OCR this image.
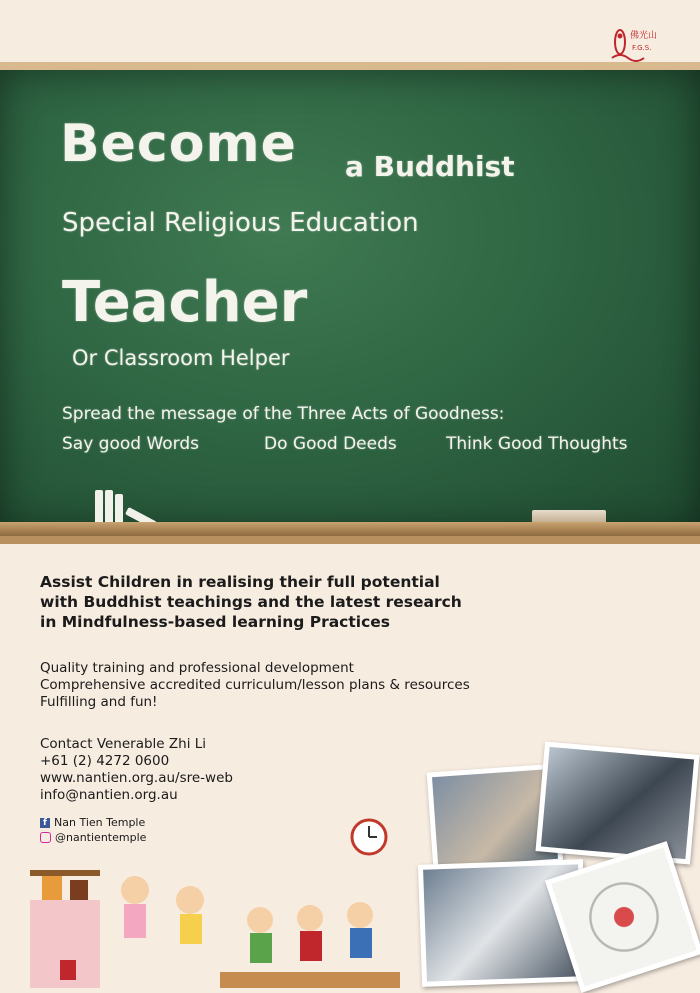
佛光山
F.G.S.
Become a Buddhist
Special Religious Education
Teacher
Or Classroom Helper
Spread the message of the Three Acts of Goodness:
Say good Words	Do Good Deeds	Think Good Thoughts
Assist Children in realising their full potential
with Buddhist teachings and the latest research
in Mindfulness-based learning Practices
Quality training and professional development
Comprehensive accredited curriculum/lesson plans & resources
Fulfilling and fun!
Contact Venerable Zhi Li
+61 (2) 4272 0600
www.nantien.org.au/sre-web
info@nantien.org.au
f Nan Tien Temple
@nantientemple
